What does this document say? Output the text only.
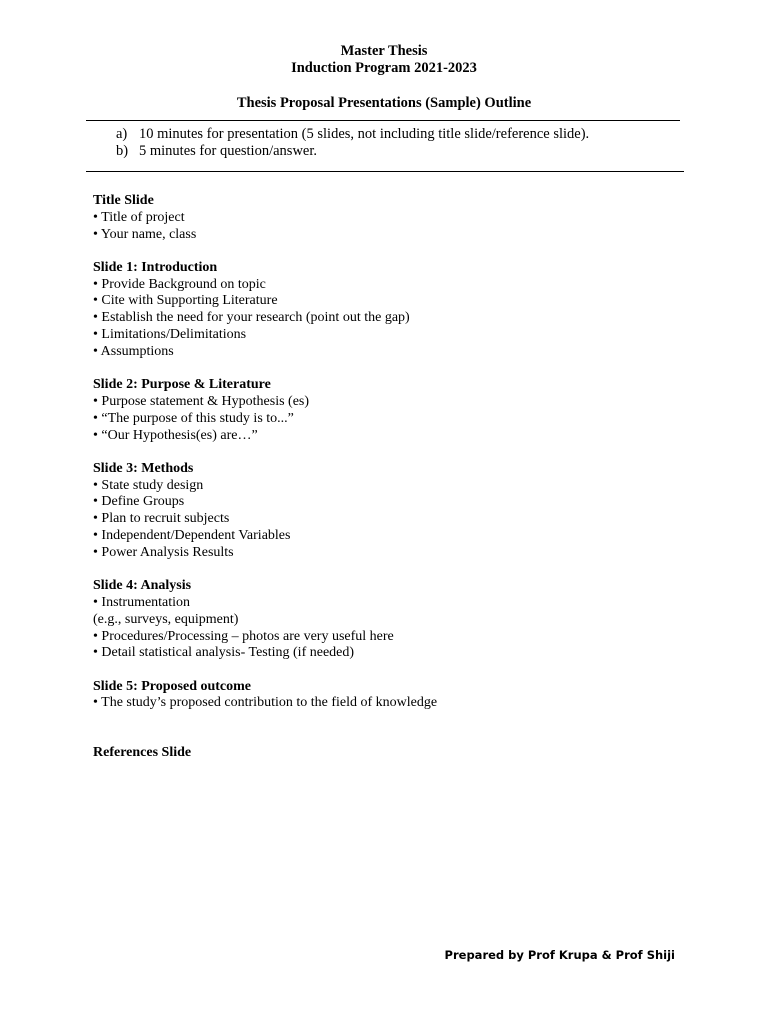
Master Thesis
Induction Program 2021-2023
Thesis Proposal Presentations (Sample) Outline
a) 10 minutes for presentation (5 slides, not including title slide/reference slide).
b) 5 minutes for question/answer.
Title Slide
• Title of project
• Your name, class
Slide 1: Introduction
• Provide Background on topic
• Cite with Supporting Literature
• Establish the need for your research (point out the gap)
• Limitations/Delimitations
• Assumptions
Slide 2: Purpose & Literature
• Purpose statement & Hypothesis (es)
• “The purpose of this study is to...”
• “Our Hypothesis(es) are…”
Slide 3: Methods
• State study design
• Define Groups
• Plan to recruit subjects
• Independent/Dependent Variables
• Power Analysis Results
Slide 4: Analysis
• Instrumentation
(e.g., surveys, equipment)
• Procedures/Processing – photos are very useful here
• Detail statistical analysis- Testing (if needed)
Slide 5: Proposed outcome
• The study’s proposed contribution to the field of knowledge
References Slide
Prepared by Prof Krupa & Prof Shiji
